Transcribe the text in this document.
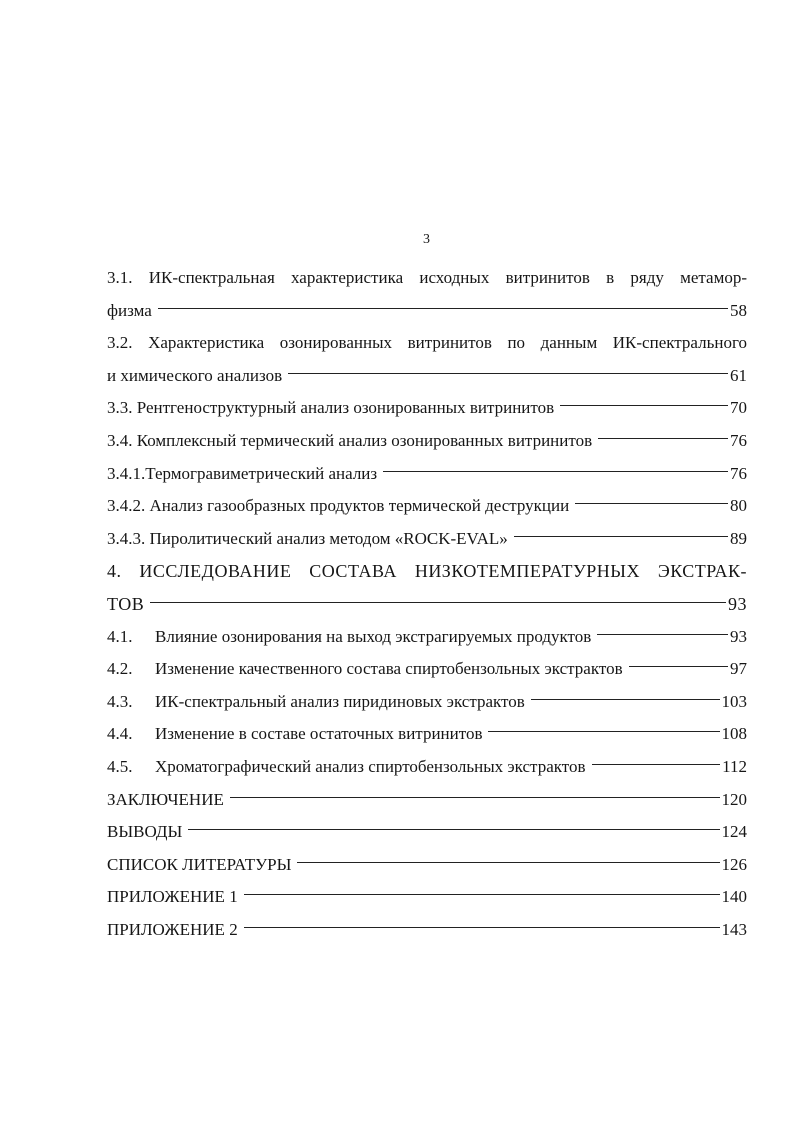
3
3.1. ИК-спектральная характеристика исходных витринитов в ряду метамор-
физма	58
3.2. Характеристика озонированных витринитов по данным ИК-спектрального
и химического анализов	61
3.3. Рентгеноструктурный анализ озонированных витринитов	70
3.4. Комплексный термический анализ озонированных витринитов	76
3.4.1.Термогравиметрический анализ	76
3.4.2. Анализ газообразных продуктов термической деструкции	80
3.4.3. Пиролитический анализ методом «ROCK-EVAL»	89
4. ИССЛЕДОВАНИЕ СОСТАВА НИЗКОТЕМПЕРАТУРНЫХ ЭКСТРАК-
ТОВ	93
4.1. Влияние озонирования на выход экстрагируемых продуктов	93
4.2. Изменение качественного состава спиртобензольных экстрактов	97
4.3. ИК-спектральный анализ пиридиновых экстрактов	103
4.4. Изменение в составе остаточных витринитов	108
4.5. Хроматографический анализ спиртобензольных экстрактов	112
ЗАКЛЮЧЕНИЕ	120
ВЫВОДЫ	124
СПИСОК ЛИТЕРАТУРЫ	126
ПРИЛОЖЕНИЕ 1	140
ПРИЛОЖЕНИЕ 2	143
